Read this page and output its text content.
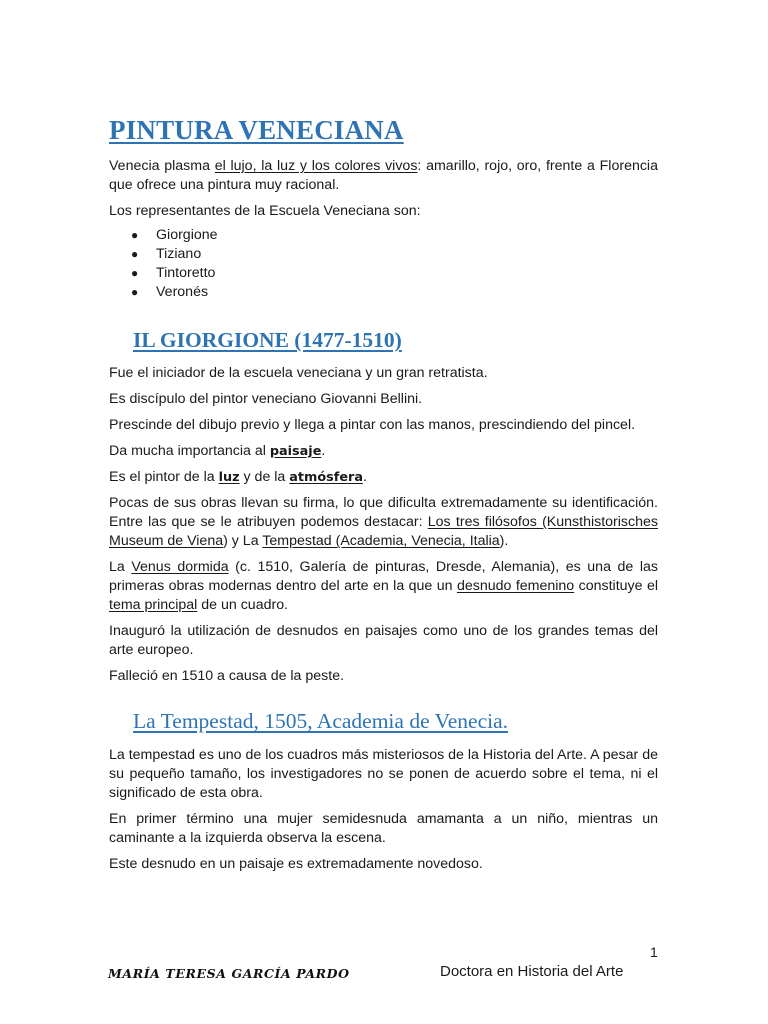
PINTURA VENECIANA

Venecia plasma el lujo, la luz y los colores vivos: amarillo, rojo, oro, frente a Florencia que ofrece una pintura muy racional.

Los representantes de la Escuela Veneciana son:

● Giorgione
● Tiziano
● Tintoretto
● Veronés
IL GIORGIONE (1477-1510)

Fue el iniciador de la escuela veneciana y un gran retratista.

Es discípulo del pintor veneciano Giovanni Bellini.

Prescinde del dibujo previo y llega a pintar con las manos, prescindiendo del pincel.

Da mucha importancia al paisaje.

Es el pintor de la luz y de la atmósfera.

Pocas de sus obras llevan su firma, lo que dificulta extremadamente su identificación. Entre las que se le atribuyen podemos destacar: Los tres filósofos (Kunsthistorisches Museum de Viena) y La Tempestad (Academia, Venecia, Italia).

La Venus dormida (c. 1510, Galería de pinturas, Dresde, Alemania), es una de las primeras obras modernas dentro del arte en la que un desnudo femenino constituye el tema principal de un cuadro.

Inauguró la utilización de desnudos en paisajes como uno de los grandes temas del arte europeo.

Falleció en 1510 a causa de la peste.

La Tempestad, 1505, Academia de Venecia.

La tempestad es uno de los cuadros más misteriosos de la Historia del Arte. A pesar de su pequeño tamaño, los investigadores no se ponen de acuerdo sobre el tema, ni el significado de esta obra.

En primer término una mujer semidesnuda amamanta a un niño, mientras un caminante a la izquierda observa la escena.

Este desnudo en un paisaje es extremadamente novedoso.

1
MARÍA TERESA GARCÍA PARDO	Doctora en Historia del Arte
